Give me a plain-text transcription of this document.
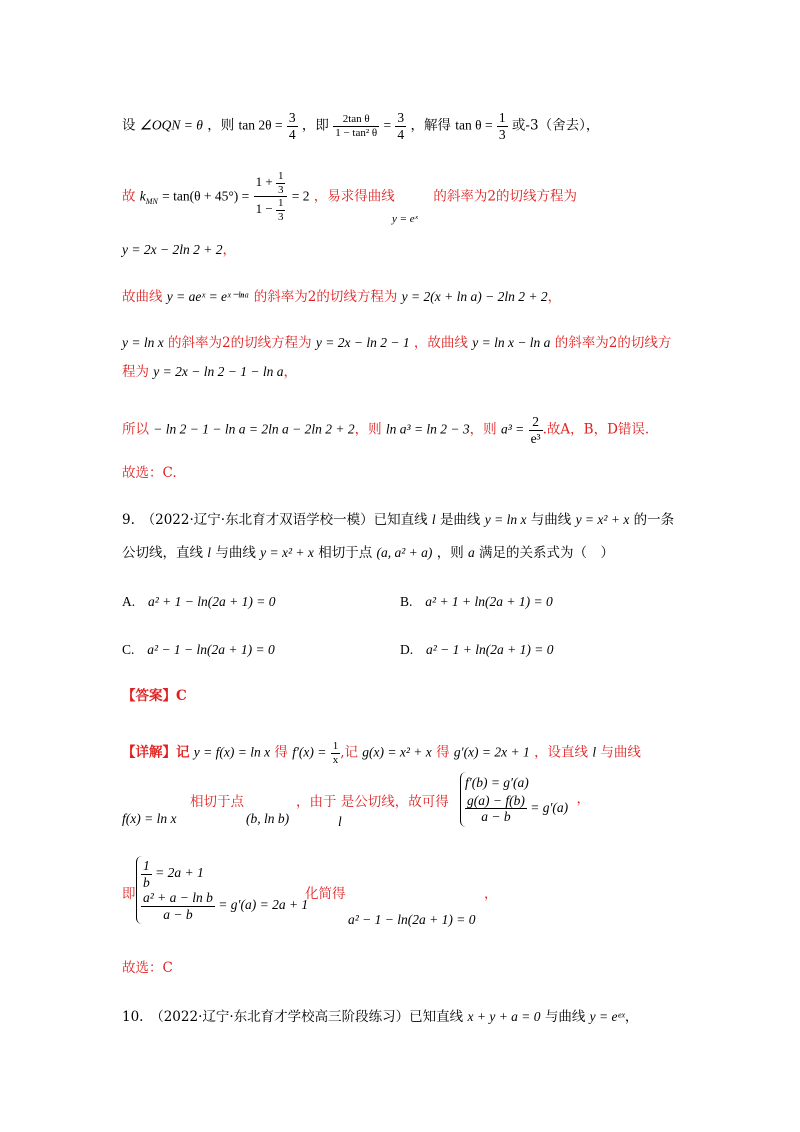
设 ∠OQN = θ ，则 $\tan 2\theta = \frac{3}{4}$ ，即 $\frac{\text{2tan θ}}{\text{1 − tan² θ}} = \frac{3}{4}$ ，解得 $\tan \theta = \frac{1}{3}$ 或-3（舍去），
故 $k_{MN} = \tan(\theta + 45^\circ) = \frac{1 + \frac{1}{3}}{1 - \frac{1}{3}} = 2$ ，易求得曲线	的斜率为2的切线方程为
y = eˣ
y = 2x − 2ln 2 + 2，
故曲线 y = aeˣ = eˣ⁻ˡⁿᵃ 的斜率为2的切线方程为 y = 2(x + ln a) − 2ln 2 + 2，
y = ln x 的斜率为2的切线方程为 y = 2x − ln 2 − 1 ，故曲线 y = ln x − ln a 的斜率为2的切线方
程为 y = 2x − ln 2 − 1 − ln a，
所以 − ln 2 − 1 − ln a = 2ln a − 2ln 2 + 2，则 ln a³ = ln 2 − 3，则 $a^3 = \frac{2}{\text{e³}}$ .故A，B，D错误.
故选：C.
9.　（2022·辽宁·东北育才双语学校一模）已知直线 l 是曲线 y = ln x 与曲线 y = x² + x 的一条
公切线，直线 l 与曲线 y = x² + x 相切于点 (a, a² + a) ，则 a 满足的关系式为（　）
A. a² + 1 − ln(2a + 1) = 0	B. a² + 1 + ln(2a + 1) = 0
C. a² − 1 − ln(2a + 1) = 0	D. a² − 1 + ln(2a + 1) = 0
【答案】C
【详解】记 y = f(x) = ln x 得 $f'(x) = \frac{1}{x}$ ,记 g(x) = x² + x 得 g′(x) = 2x + 1 ，设直线 l 与曲线
f(x) = ln x
相切于点
(b, ln b)
，由于 是公切线，故可得
l
f′(b) = g′(a)
$\frac{g(a) - f(b)}{a - b} = g'(a)$
，
即
$\frac{1}{b} = 2a + 1$
$\frac{\text{a² + a − ln b}}{a - b} = g'(a) = 2a + 1$
化简得
a² − 1 − ln(2a + 1) = 0
，
故选：C
10.　（2022·辽宁·东北育才学校高三阶段练习）已知直线 x + y + a = 0 与曲线 y = eᵉˣ，
